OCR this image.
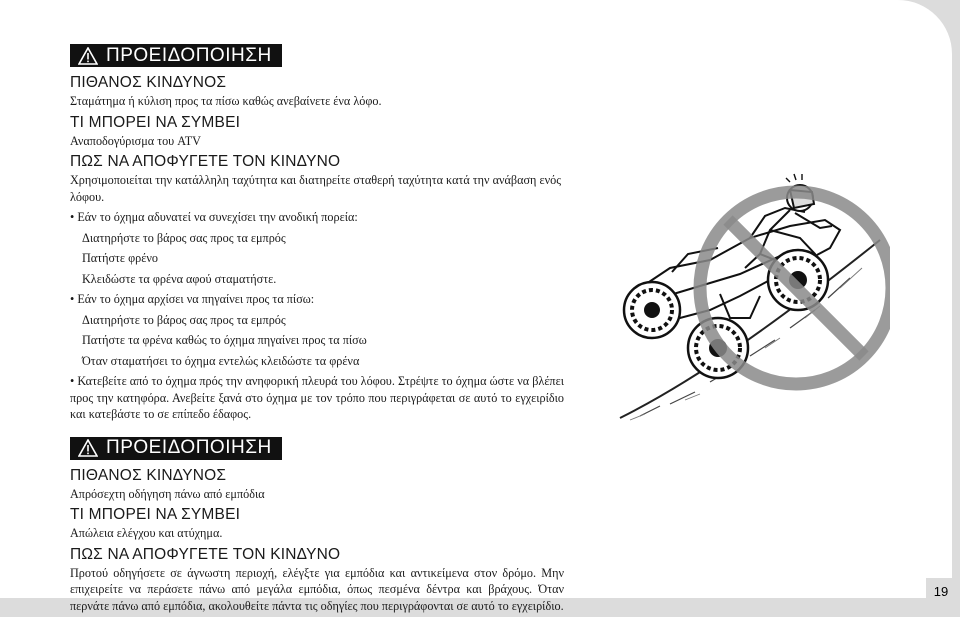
ΠΡΟΕΙΔΟΠΟΙΗΣΗ
ΠΙΘΑΝΟΣ ΚΙΝΔΥΝΟΣ

Σταμάτημα ή κύλιση προς τα πίσω καθώς ανεβαίνετε ένα λόφο.

ΤΙ ΜΠΟΡΕΙ ΝΑ ΣΥΜΒΕΙ

Αναποδογύρισμα του ATV

ΠΩΣ ΝΑ ΑΠΟΦΥΓΕΤΕ ΤΟΝ ΚΙΝΔΥΝΟ

Χρησιμοποιείται την κατάλληλη ταχύτητα και διατηρείτε σταθερή ταχύτητα κατά την ανάβαση ενός λόφου.

• Εάν το όχημα αδυνατεί να συνεχίσει την ανοδική πορεία:

Διατηρήστε το βάρος σας προς τα εμπρός

Πατήστε φρένο

Κλειδώστε τα φρένα αφού σταματήστε.

• Εάν το όχημα αρχίσει να πηγαίνει προς τα πίσω:

Διατηρήστε το βάρος σας προς τα εμπρός

Πατήστε τα φρένα καθώς το όχημα πηγαίνει προς τα πίσω

Όταν σταματήσει το όχημα εντελώς κλειδώστε τα φρένα

• Κατεβείτε από το όχημα πρός την ανηφορική πλευρά του λόφου. Στρέψτε το όχημα ώστε να βλέπει προς την κατηφόρα. Ανεβείτε ξανά στο όχημα με τον τρόπο που περιγράφεται σε αυτό το εγχειρίδιο και κατεβάστε το σε επίπεδο έδαφος.

ΠΡΟΕΙΔΟΠΟΙΗΣΗ
ΠΙΘΑΝΟΣ ΚΙΝΔΥΝΟΣ

Απρόσεχτη οδήγηση πάνω από εμπόδια

ΤΙ ΜΠΟΡΕΙ ΝΑ ΣΥΜΒΕΙ

Απώλεια ελέγχου και ατύχημα.

ΠΩΣ ΝΑ ΑΠΟΦΥΓΕΤΕ ΤΟΝ ΚΙΝΔΥΝΟ

Προτού οδηγήσετε σε άγνωστη περιοχή, ελέγξτε για εμπόδια και αντικείμενα στον δρόμο. Μην επιχειρείτε να περάσετε πάνω από μεγάλα εμπόδια, όπως πεσμένα δέντρα και βράχους. Όταν περνάτε πάνω από εμπόδια, ακολουθείτε πάντα τις οδηγίες που περιγράφονται σε αυτό το εγχειρίδιο.

19
